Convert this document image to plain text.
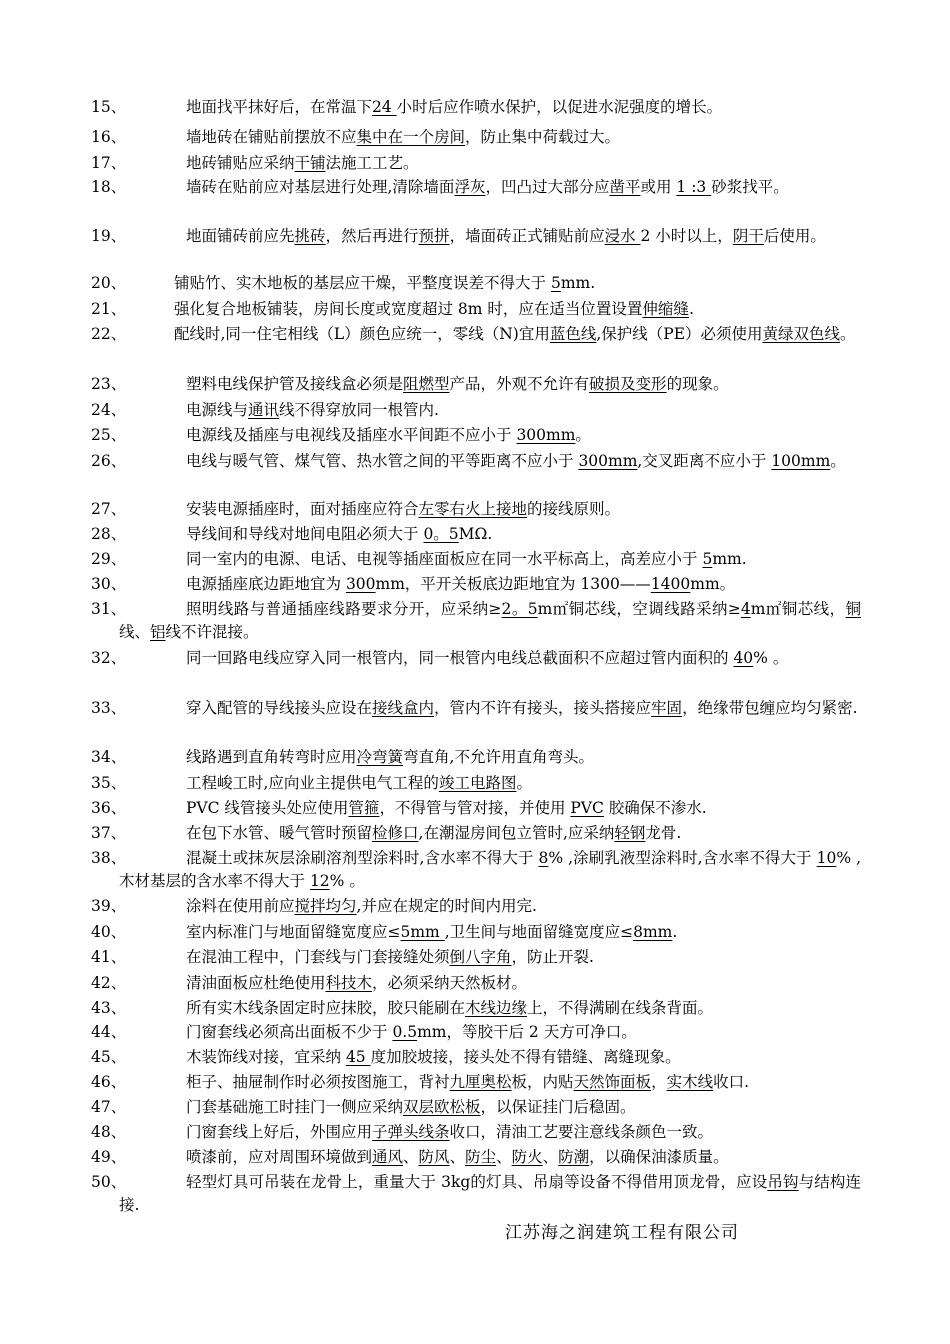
15、	地面找平抹好后，在常温下24 小时后应作喷水保护，以促进水泥强度的增长。
16、	墙地砖在铺贴前摆放不应集中在一个房间，防止集中荷载过大。
17、	地砖铺贴应采纳干铺法施工工艺。
18、	墙砖在贴前应对基层进行处理,清除墙面浮灰，凹凸过大部分应凿平或用 1 :3 砂浆找平。
19、	地面铺砖前应先挑砖，然后再进行预拼，墙面砖正式铺贴前应浸水 2 小时以上，阴干后使用。
20、	铺贴竹、实木地板的基层应干燥，平整度误差不得大于 5mm.
21、	强化复合地板铺装，房间长度或宽度超过 8m 时，应在适当位置设置伸缩缝.
22、	配线时,同一住宅相线（L）颜色应统一，零线（N)宜用蓝色线,保护线（PE）必须使用黄绿双色线。
23、	塑料电线保护管及接线盒必须是阻燃型产品，外观不允许有破损及变形的现象。
24、	电源线与通讯线不得穿放同一根管内.
25、	电源线及插座与电视线及插座水平间距不应小于 300mm。
26、	电线与暖气管、煤气管、热水管之间的平等距离不应小于 300mm,交叉距离不应小于 100mm。
27、	安装电源插座时，面对插座应符合左零右火上接地的接线原则。
28、	导线间和导线对地间电阻必须大于 0。5MΩ.
29、	同一室内的电源、电话、电视等插座面板应在同一水平标高上，高差应小于 5mm.
30、	电源插座底边距地宜为 300mm，平开关板底边距地宜为 1300——1400mm。
31、	照明线路与普通插座线路要求分开，应采纳≥2。5m㎡铜芯线，空调线路采纳≥4m㎡铜芯线，铜线、铝线不许混接。
32、	同一回路电线应穿入同一根管内，同一根管内电线总截面积不应超过管内面积的 40% 。
33、	穿入配管的导线接头应设在接线盒内，管内不许有接头，接头搭接应牢固，绝缘带包缠应均匀紧密.
34、	线路遇到直角转弯时应用冷弯簧弯直角,不允许用直角弯头。
35、	工程峻工时,应向业主提供电气工程的竣工电路图。
36、	PVC 线管接头处应使用管箍，不得管与管对接，并使用 PVC 胶确保不渗水.
37、	在包下水管、暖气管时预留检修口,在潮湿房间包立管时,应采纳轻钢龙骨.
38、	混凝土或抹灰层涂刷溶剂型涂料时,含水率不得大于 8% ,涂刷乳液型涂料时,含水率不得大于 10% ,木材基层的含水率不得大于 12% 。
39、	涂料在使用前应搅拌均匀,并应在规定的时间内用完.
40、	室内标准门与地面留缝宽度应≤5mm ,卫生间与地面留缝宽度应≤8mm.
41、	在混油工程中，门套线与门套接缝处须倒八字角，防止开裂.
42、	清油面板应杜绝使用科技木，必须采纳天然板材。
43、	所有实木线条固定时应抹胶，胶只能刷在木线边缘上，不得满刷在线条背面。
44、	门窗套线必须高出面板不少于 0.5mm，等胶干后 2 天方可净口。
45、	木装饰线对接，宜采纳 45 度加胶坡接，接头处不得有错缝、离缝现象。
46、	柜子、抽屉制作时必须按图施工，背衬九厘奥松板，内贴天然饰面板，实木线收口.
47、	门套基础施工时挂门一侧应采纳双层欧松板，以保证挂门后稳固。
48、	门窗套线上好后，外围应用子弹头线条收口，清油工艺要注意线条颜色一致。
49、	喷漆前，应对周围环境做到通风、防风、防尘、防火、防潮，以确保油漆质量。
50、	轻型灯具可吊装在龙骨上，重量大于 3kg的灯具、吊扇等设备不得借用顶龙骨，应设吊钩与结构连接.
江苏海之润建筑工程有限公司
